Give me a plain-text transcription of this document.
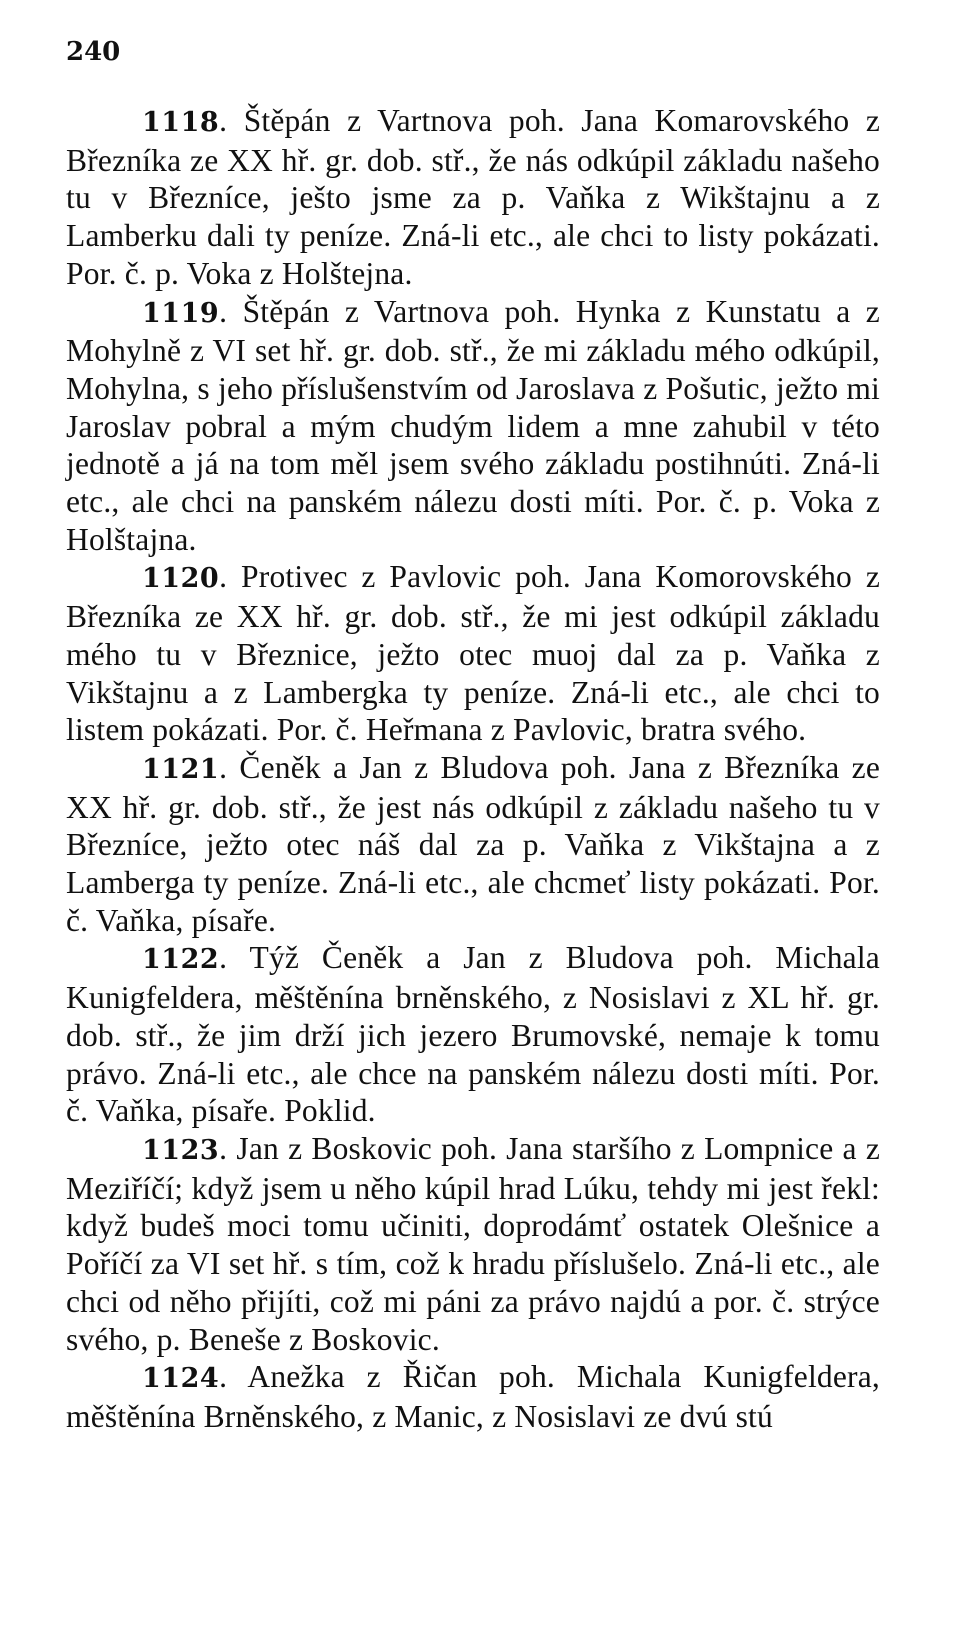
240

1118. Štěpán z Vartnova poh. Jana Komarovského z Březníka ze XX hř. gr. dob. stř., že nás odkúpil základu našeho tu v Březníce, ješto jsme za p. Vaňka z Wikštajnu a z Lamberku dali ty peníze. Zná-li etc., ale chci to listy pokázati. Por. č. p. Voka z Holštejna.

1119. Štěpán z Vartnova poh. Hynka z Kunstatu a z Mohylně z VI set hř. gr. dob. stř., že mi základu mého odkúpil, Mohylna, s jeho příslušenstvím od Jaroslava z Pošutic, ježto mi Jaroslav pobral a mým chudým lidem a mne zahubil v této jednotě a já na tom měl jsem svého základu postihnúti. Zná-li etc., ale chci na panském nálezu dosti míti. Por. č. p. Voka z Holštajna.

1120. Protivec z Pavlovic poh. Jana Komorovského z Březníka ze XX hř. gr. dob. stř., že mi jest odkúpil základu mého tu v Březnice, ježto otec muoj dal za p. Vaňka z Vikštajnu a z Lambergka ty peníze. Zná-li etc., ale chci to listem pokázati. Por. č. Heřmana z Pavlovic, bratra svého.

1121. Čeněk a Jan z Bludova poh. Jana z Březníka ze XX hř. gr. dob. stř., že jest nás odkúpil z základu našeho tu v Březníce, ježto otec náš dal za p. Vaňka z Vikštajna a z Lamberga ty peníze. Zná-li etc., ale chcmeť listy pokázati. Por. č. Vaňka, písaře.

1122. Týž Čeněk a Jan z Bludova poh. Michala Kunigfeldera, měštěnína brněnského, z Nosislavi z XL hř. gr. dob. stř., že jim drží jich jezero Brumovské, nemaje k tomu právo. Zná-li etc., ale chce na panském nálezu dosti míti. Por. č. Vaňka, písaře. Poklid.

1123. Jan z Boskovic poh. Jana staršího z Lompnice a z Meziříčí; když jsem u něho kúpil hrad Lúku, tehdy mi jest řekl: když budeš moci tomu učiniti, doprodámť ostatek Olešnice a Poříčí za VI set hř. s tím, což k hradu příslušelo. Zná-li etc., ale chci od něho přijíti, což mi páni za právo najdú a por. č. strýce svého, p. Beneše z Boskovic.

1124. Anežka z Řičan poh. Michala Kunigfeldera, měštěnína Brněnského, z Manic, z Nosislavi ze dvú stú
